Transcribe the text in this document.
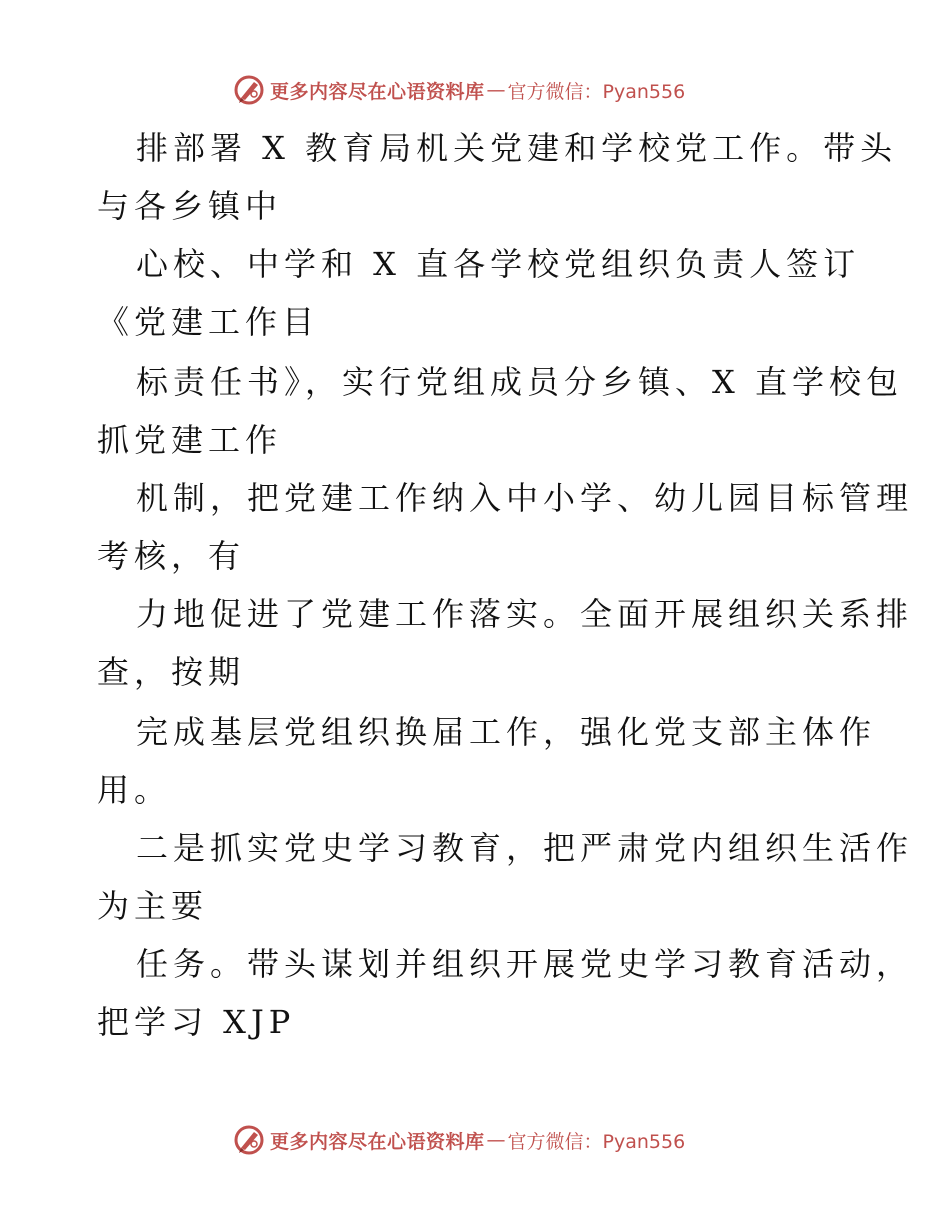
更多内容尽在心语资料库 — 官方微信：Pyan556
排部署 X 教育局机关党建和学校党工作。带头
与各乡镇中
心校、中学和 X 直各学校党组织负责人签订
《党建工作目
标责任书》，实行党组成员分乡镇、X 直学校包
抓党建工作
机制，把党建工作纳入中小学、幼儿园目标管理
考核，有
力地促进了党建工作落实。全面开展组织关系排
查，按期
完成基层党组织换届工作，强化党支部主体作
用。
二是抓实党史学习教育，把严肃党内组织生活作
为主要
任务。带头谋划并组织开展党史学习教育活动，
把学习 XJP
更多内容尽在心语资料库 — 官方微信：Pyan556
